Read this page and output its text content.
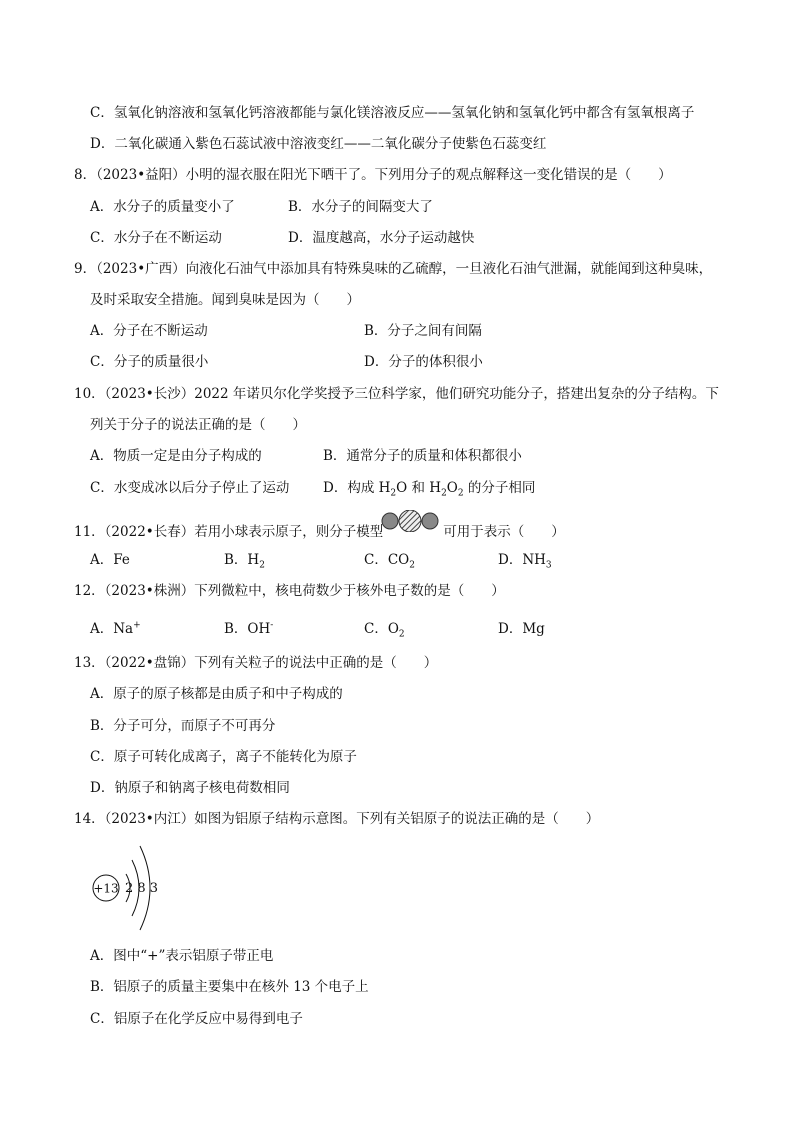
C．氢氧化钠溶液和氢氧化钙溶液都能与氯化镁溶液反应——氢氧化钠和氢氧化钙中都含有氢氧根离子
D．二氧化碳通入紫色石蕊试液中溶液变红——二氧化碳分子使紫色石蕊变红
8．（2023•益阳）小明的湿衣服在阳光下晒干了。下列用分子的观点解释这一变化错误的是（　　）
A．水分子的质量变小了	B．水分子的间隔变大了
C．水分子在不断运动	D．温度越高，水分子运动越快
9．（2023•广西）向液化石油气中添加具有特殊臭味的乙硫醇，一旦液化石油气泄漏，就能闻到这种臭味，
及时采取安全措施。闻到臭味是因为（　　）
A．分子在不断运动	B．分子之间有间隔
C．分子的质量很小	D．分子的体积很小
10．（2023•长沙）2022 年诺贝尔化学奖授予三位科学家，他们研究功能分子，搭建出复杂的分子结构。下
列关于分子的说法正确的是（　　）
A．物质一定是由分子构成的	B．通常分子的质量和体积都很小
C．水变成冰以后分子停止了运动 D．构成 $H_2O$ 和 $H_2O_2$ 的分子相同
11．（2022•长春）若用小球表示原子，则分子模型	可用于表示（　　）
A．Fe	B．$H_2$	C．$CO_2$	D．$NH_3$
12．（2023•株洲）下列微粒中，核电荷数少于核外电子数的是（　　）
A．Na+	B．OH-	C．$O_2$	D．Mg
13．（2022•盘锦）下列有关粒子的说法中正确的是（　　）
A．原子的原子核都是由质子和中子构成的
B．分子可分，而原子不可再分
C．原子可转化成离子，离子不能转化为原子
D．钠原子和钠离子核电荷数相同
14．（2023•内江）如图为铝原子结构示意图。下列有关铝原子的说法正确的是（　　）
+13 2 8 3
A．图中“+”表示铝原子带正电
B．铝原子的质量主要集中在核外 13 个电子上
C．铝原子在化学反应中易得到电子
